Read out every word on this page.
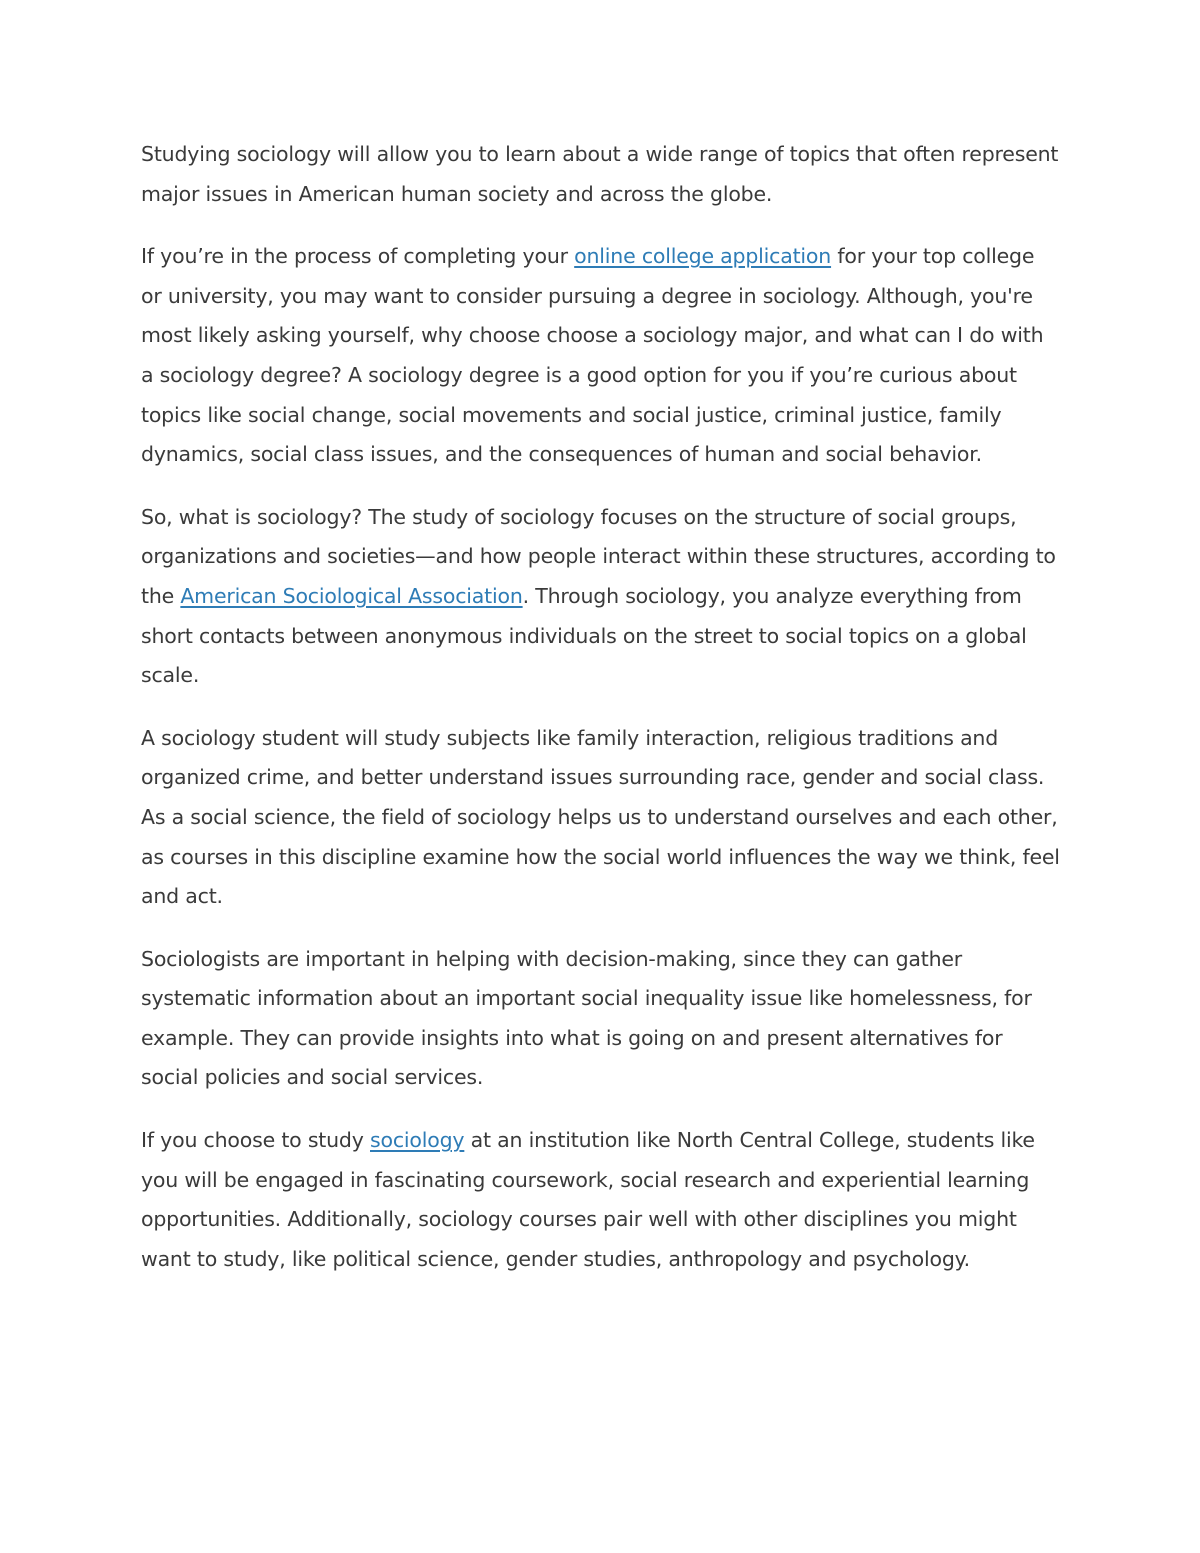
Studying sociology will allow you to learn about a wide range of topics that often represent major issues in American human society and across the globe.

If you’re in the process of completing your online college application for your top college or university, you may want to consider pursuing a degree in sociology. Although, you're most likely asking yourself, why choose choose a sociology major, and what can I do with a sociology degree? A sociology degree is a good option for you if you’re curious about topics like social change, social movements and social justice, criminal justice, family dynamics, social class issues, and the consequences of human and social behavior.

So, what is sociology? The study of sociology focuses on the structure of social groups, organizations and societies—and how people interact within these structures, according to the American Sociological Association. Through sociology, you analyze everything from short contacts between anonymous individuals on the street to social topics on a global scale.

A sociology student will study subjects like family interaction, religious traditions and organized crime, and better understand issues surrounding race, gender and social class. As a social science, the field of sociology helps us to understand ourselves and each other, as courses in this discipline examine how the social world influences the way we think, feel and act.

Sociologists are important in helping with decision-making, since they can gather systematic information about an important social inequality issue like homelessness, for example. They can provide insights into what is going on and present alternatives for social policies and social services.

If you choose to study sociology at an institution like North Central College, students like you will be engaged in fascinating coursework, social research and experiential learning opportunities. Additionally, sociology courses pair well with other disciplines you might want to study, like political science, gender studies, anthropology and psychology.
